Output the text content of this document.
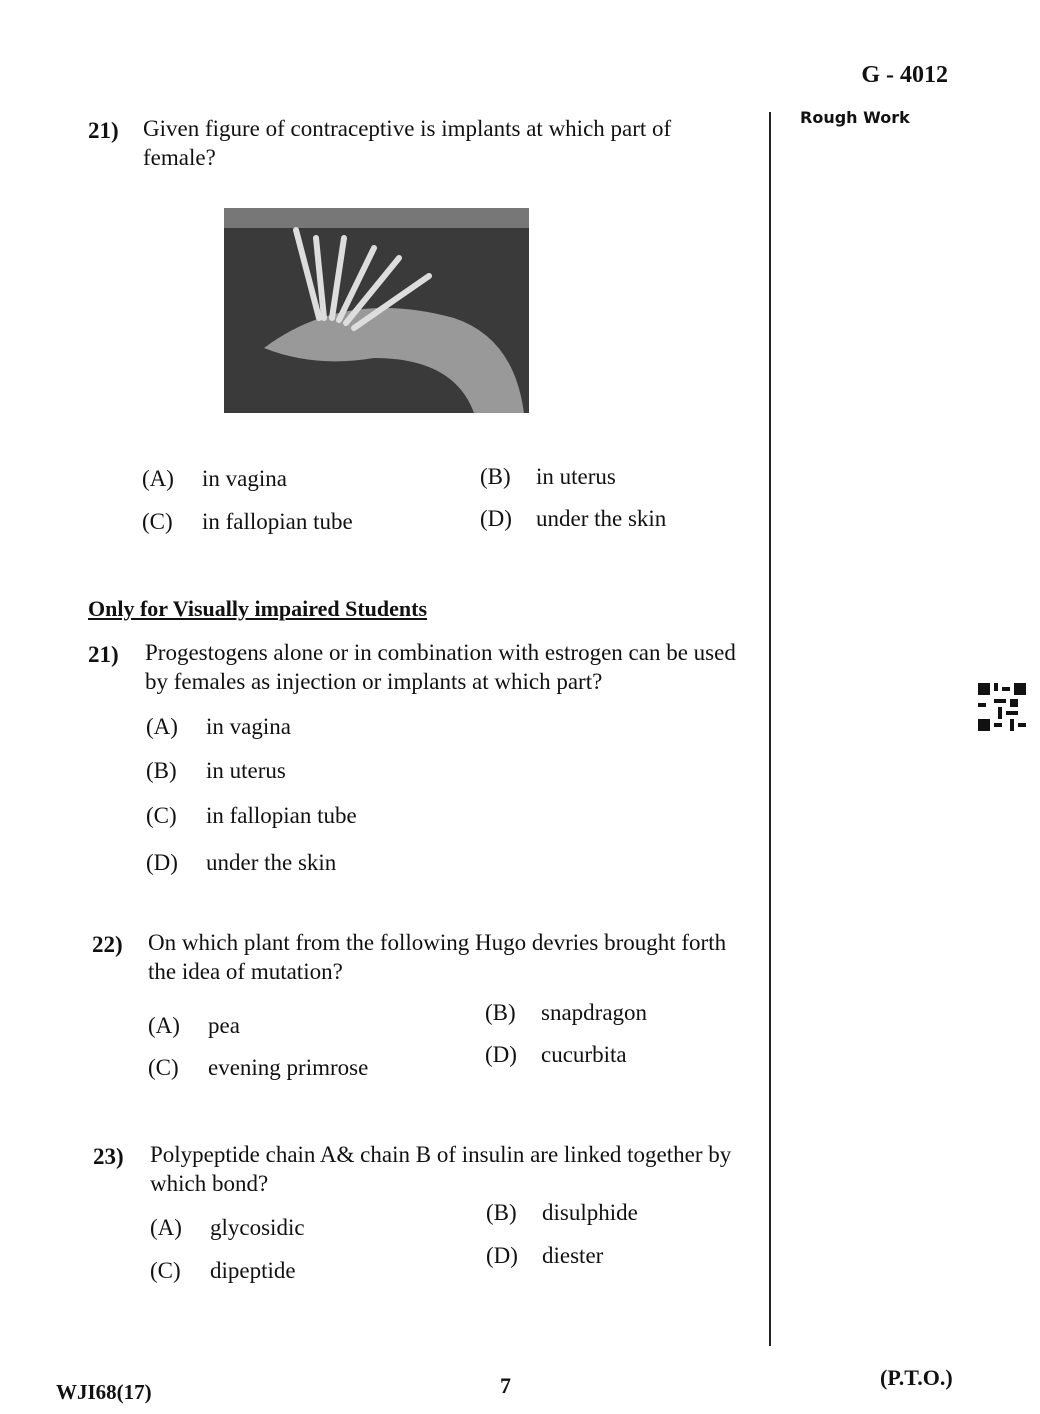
G - 4012
Rough Work
21) Given figure of contraceptive is implants at which part of female?
(A) in vagina	(B) in uterus
(C) in fallopian tube	(D) under the skin
Only for Visually impaired Students
21) Progestogens alone or in combination with estrogen can be used by females as injection or implants at which part?
(A) in vagina
(B) in uterus
(C) in fallopian tube
(D) under the skin
22) On which plant from the following Hugo devries brought forth the idea of mutation?
(A) pea
(B) snapdragon
(C) evening primrose
(D) cucurbita
23) Polypeptide chain A& chain B of insulin are linked together by which bond?
(A) glycosidic
(B) disulphide
(C) dipeptide
(D) diester
WJI68(17)	7	(P.T.O.)
